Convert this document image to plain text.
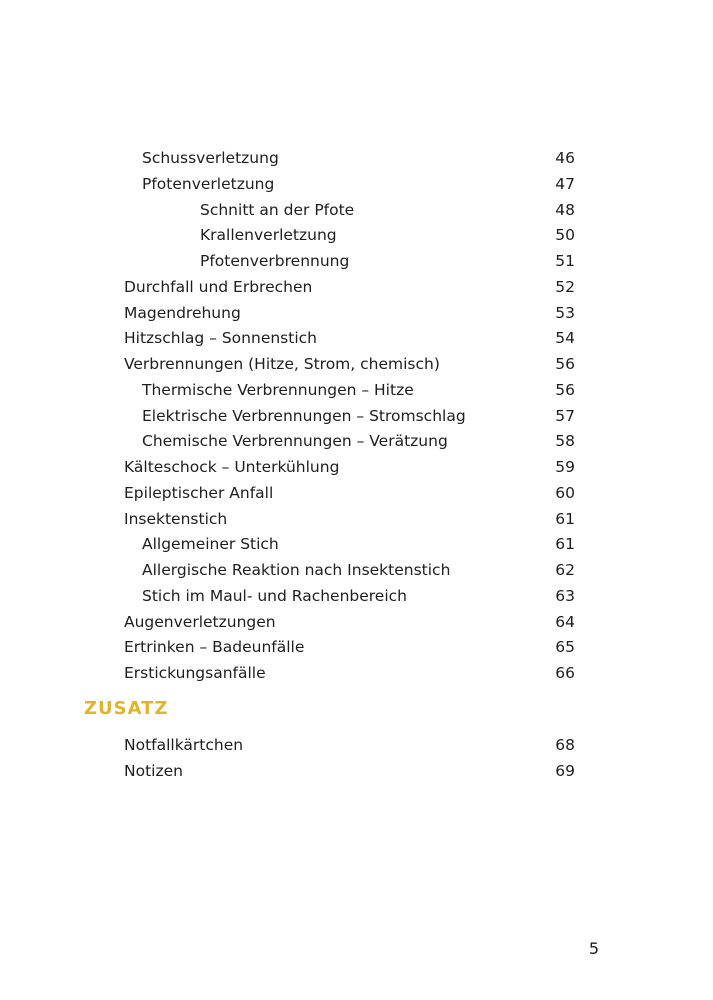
Schussverletzung	46
Pfotenverletzung	47
Schnitt an der Pfote	48
Krallenverletzung	50
Pfotenverbrennung	51
Durchfall und Erbrechen	52
Magendrehung	53
Hitzschlag – Sonnenstich	54
Verbrennungen (Hitze, Strom, chemisch)	56
Thermische Verbrennungen – Hitze	56
Elektrische Verbrennungen – Stromschlag	57
Chemische Verbrennungen – Verätzung	58
Kälteschock – Unterkühlung	59
Epileptischer Anfall	60
Insektenstich	61
Allgemeiner Stich	61
Allergische Reaktion nach Insektenstich	62
Stich im Maul- und Rachenbereich	63
Augenverletzungen	64
Ertrinken – Badeunfälle	65
Erstickungsanfälle	66
ZUSATZ
Notfallkärtchen	68
Notizen	69
5
